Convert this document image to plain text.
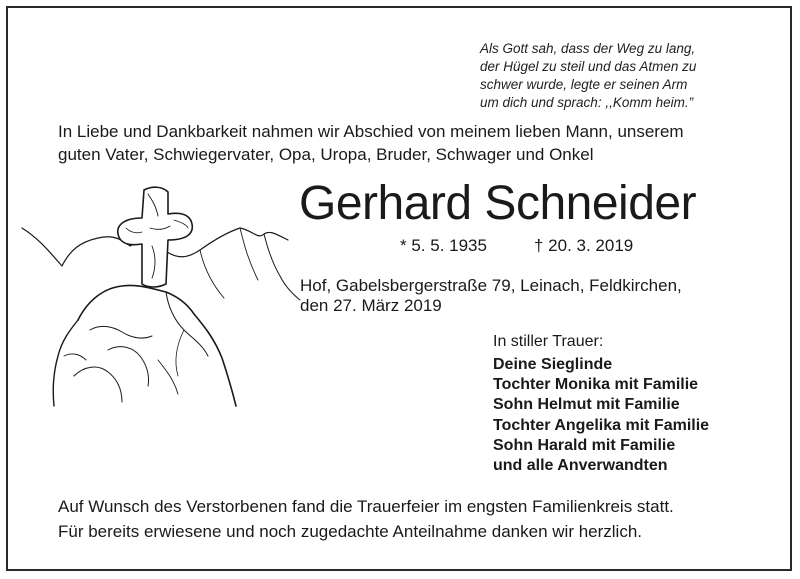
Als Gott sah, dass der Weg zu lang,
der Hügel zu steil und das Atmen zu
schwer wurde, legte er seinen Arm
um dich und sprach: ,,Komm heim.”
In Liebe und Dankbarkeit nahmen wir Abschied von meinem lieben Mann, unserem
guten Vater, Schwiegervater, Opa, Uropa, Bruder, Schwager und Onkel
Gerhard Schneider
* 5. 5. 1935	† 20. 3. 2019
Hof, Gabelsbergerstraße 79, Leinach, Feldkirchen,
den 27. März 2019
In stiller Trauer:
Deine Sieglinde
Tochter Monika mit Familie
Sohn Helmut mit Familie
Tochter Angelika mit Familie
Sohn Harald mit Familie
und alle Anverwandten
Auf Wunsch des Verstorbenen fand die Trauerfeier im engsten Familienkreis statt.
Für bereits erwiesene und noch zugedachte Anteilnahme danken wir herzlich.
